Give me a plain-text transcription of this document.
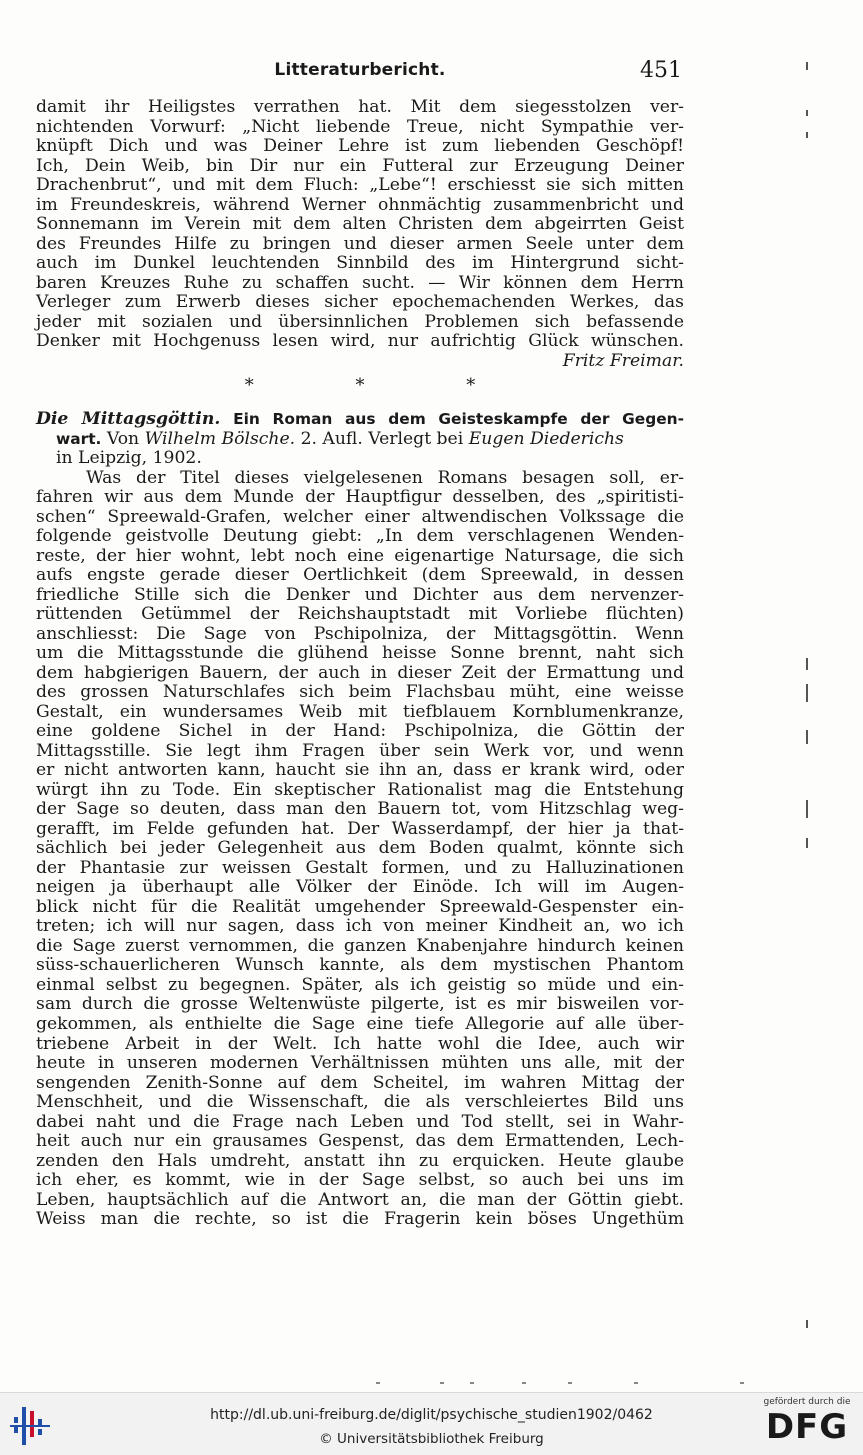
Litteraturbericht.	451
damit ihr Heiligstes verrathen hat. Mit dem siegesstolzen ver-
nichtenden Vorwurf: „Nicht liebende Treue, nicht Sympathie ver-
knüpft Dich und was Deiner Lehre ist zum liebenden Geschöpf!
Ich, Dein Weib, bin Dir nur ein Futteral zur Erzeugung Deiner
Drachenbrut“, und mit dem Fluch: „Lebe“! erschiesst sie sich mitten
im Freundeskreis, während Werner ohnmächtig zusammenbricht und
Sonnemann im Verein mit dem alten Christen dem abgeirrten Geist
des Freundes Hilfe zu bringen und dieser armen Seele unter dem
auch im Dunkel leuchtenden Sinnbild des im Hintergrund sicht-
baren Kreuzes Ruhe zu schaffen sucht. — Wir können dem Herrn
Verleger zum Erwerb dieses sicher epochemachenden Werkes, das
jeder mit sozialen und übersinnlichen Problemen sich befassende
Denker mit Hochgenuss lesen wird, nur aufrichtig Glück wünschen.
Fritz Freimar.
* * *
Die Mittagsgöttin. Ein Roman aus dem Geisteskampfe der Gegen-
wart. Von Wilhelm Bölsche. 2. Aufl. Verlegt bei Eugen Diederichs
in Leipzig, 1902.
Was der Titel dieses vielgelesenen Romans besagen soll, er-
fahren wir aus dem Munde der Hauptfigur desselben, des „spiritisti-
schen“ Spreewald-Grafen, welcher einer altwendischen Volkssage die
folgende geistvolle Deutung giebt: „In dem verschlagenen Wenden-
reste, der hier wohnt, lebt noch eine eigenartige Natursage, die sich
aufs engste gerade dieser Oertlichkeit (dem Spreewald, in dessen
friedliche Stille sich die Denker und Dichter aus dem nervenzer-
rüttenden Getümmel der Reichshauptstadt mit Vorliebe flüchten)
anschliesst: Die Sage von Pschipolniza, der Mittagsgöttin. Wenn
um die Mittagsstunde die glühend heisse Sonne brennt, naht sich
dem habgierigen Bauern, der auch in dieser Zeit der Ermattung und
des grossen Naturschlafes sich beim Flachsbau müht, eine weisse
Gestalt, ein wundersames Weib mit tiefblauem Kornblumenkranze,
eine goldene Sichel in der Hand: Pschipolniza, die Göttin der
Mittagsstille. Sie legt ihm Fragen über sein Werk vor, und wenn
er nicht antworten kann, haucht sie ihn an, dass er krank wird, oder
würgt ihn zu Tode. Ein skeptischer Rationalist mag die Entstehung
der Sage so deuten, dass man den Bauern tot, vom Hitzschlag weg-
gerafft, im Felde gefunden hat. Der Wasserdampf, der hier ja that-
sächlich bei jeder Gelegenheit aus dem Boden qualmt, könnte sich
der Phantasie zur weissen Gestalt formen, und zu Halluzinationen
neigen ja überhaupt alle Völker der Einöde. Ich will im Augen-
blick nicht für die Realität umgehender Spreewald-Gespenster ein-
treten; ich will nur sagen, dass ich von meiner Kindheit an, wo ich
die Sage zuerst vernommen, die ganzen Knabenjahre hindurch keinen
süss-schauerlicheren Wunsch kannte, als dem mystischen Phantom
einmal selbst zu begegnen. Später, als ich geistig so müde und ein-
sam durch die grosse Weltenwüste pilgerte, ist es mir bisweilen vor-
gekommen, als enthielte die Sage eine tiefe Allegorie auf alle über-
triebene Arbeit in der Welt. Ich hatte wohl die Idee, auch wir
heute in unseren modernen Verhältnissen mühten uns alle, mit der
sengenden Zenith-Sonne auf dem Scheitel, im wahren Mittag der
Menschheit, und die Wissenschaft, die als verschleiertes Bild uns
dabei naht und die Frage nach Leben und Tod stellt, sei in Wahr-
heit auch nur ein grausames Gespenst, das dem Ermattenden, Lech-
zenden den Hals umdreht, anstatt ihn zu erquicken. Heute glaube
ich eher, es kommt, wie in der Sage selbst, so auch bei uns im
Leben, hauptsächlich auf die Antwort an, die man der Göttin giebt.
Weiss man die rechte, so ist die Fragerin kein böses Ungethüm
http://dl.ub.uni-freiburg.de/diglit/psychische_studien1902/0462
© Universitätsbibliothek Freiburg
gefördert durch die
DFG
